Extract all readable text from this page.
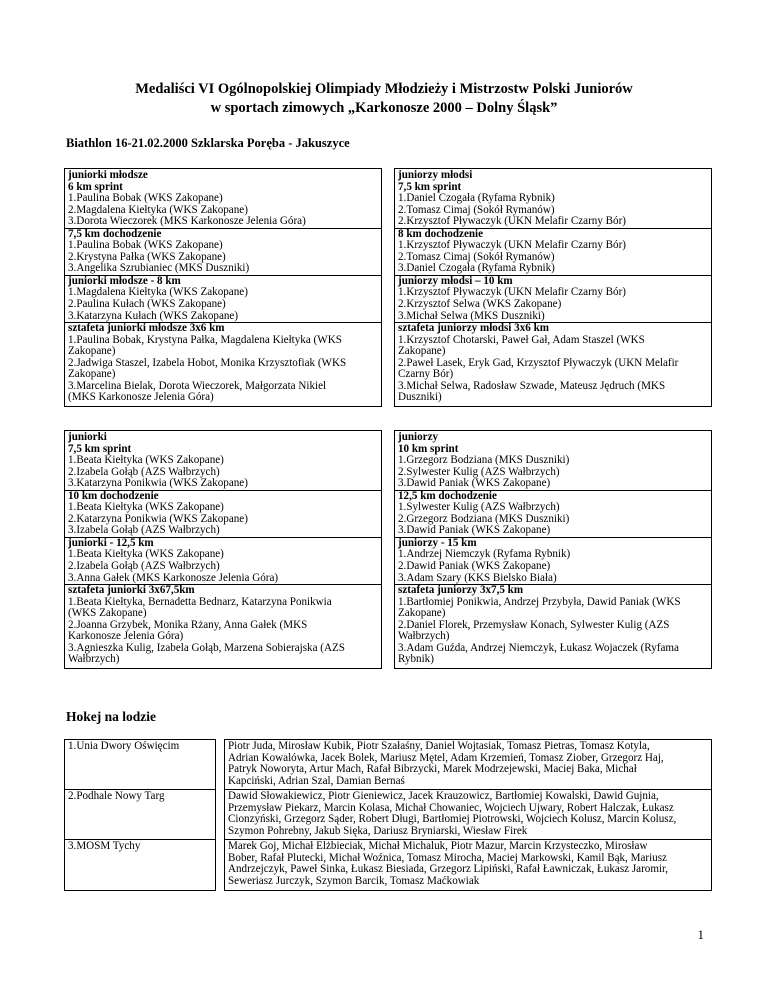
Medaliści VI Ogólnopolskiej Olimpiady Młodzieży i Mistrzostw Polski Juniorów
w sportach zimowych „Karkonosze 2000 – Dolny Śląsk”
Biathlon 16-21.02.2000 Szklarska Poręba - Jakuszyce
juniorki młodsze
6 km sprint
1.Paulina Bobak (WKS Zakopane)
2.Magdalena Kiełtyka (WKS Zakopane)
3.Dorota Wieczorek (MKS Karkonosze Jelenia Góra)
7,5 km dochodzenie
1.Paulina Bobak (WKS Zakopane)
2.Krystyna Pałka (WKS Zakopane)
3.Angelika Szrubianiec (MKS Duszniki)
juniorki młodsze - 8 km
1.Magdalena Kiełtyka (WKS Zakopane)
2.Paulina Kułach (WKS Zakopane)
3.Katarzyna Kułach (WKS Zakopane)
sztafeta juniorki młodsze 3x6 km
1.Paulina Bobak, Krystyna Pałka, Magdalena Kiełtyka (WKS
Zakopane)
2.Jadwiga Staszel, Izabela Hobot, Monika Krzysztofiak (WKS
Zakopane)
3.Marcelina Bielak, Dorota Wieczorek, Małgorzata Nikiel
(MKS Karkonosze Jelenia Góra)
juniorzy młodsi
7,5 km sprint
1.Daniel Czogała (Ryfama Rybnik)
2.Tomasz Cimaj (Sokół Rymanów)
2.Krzysztof Pływaczyk (UKN Melafir Czarny Bór)
8 km dochodzenie
1.Krzysztof Pływaczyk (UKN Melafir Czarny Bór)
2.Tomasz Cimaj (Sokół Rymanów)
3.Daniel Czogała (Ryfama Rybnik)
juniorzy młodsi – 10 km
1.Krzysztof Pływaczyk (UKN Melafir Czarny Bór)
2.Krzysztof Selwa (WKS Zakopane)
3.Michał Selwa (MKS Duszniki)
sztafeta juniorzy młodsi 3x6 km
1.Krzysztof Chotarski, Paweł Gał, Adam Staszel (WKS
Zakopane)
2.Paweł Lasek, Eryk Gad, Krzysztof Pływaczyk (UKN Melafir
Czarny Bór)
3.Michał Selwa, Radosław Szwade, Mateusz Jędruch (MKS
Duszniki)
juniorki
7,5 km sprint
1.Beata Kiełtyka (WKS Zakopane)
2.Izabela Gołąb (AZS Wałbrzych)
3.Katarzyna Ponikwia (WKS Zakopane)
10 km dochodzenie
1.Beata Kiełtyka (WKS Zakopane)
2.Katarzyna Ponikwia (WKS Zakopane)
3.Izabela Gołąb (AZS Wałbrzych)
juniorki - 12,5 km
1.Beata Kiełtyka (WKS Zakopane)
2.Izabela Gołąb (AZS Wałbrzych)
3.Anna Gałek (MKS Karkonosze Jelenia Góra)
sztafeta juniorki 3x67,5km
1.Beata Kiełtyka, Bernadetta Bednarz, Katarzyna Ponikwia
(WKS Zakopane)
2.Joanna Grzybek, Monika Rżany, Anna Gałek (MKS
Karkonosze Jelenia Góra)
3.Agnieszka Kulig, Izabela Gołąb, Marzena Sobierajska (AZS
Wałbrzych)
juniorzy
10 km sprint
1.Grzegorz Bodziana (MKS Duszniki)
2.Sylwester Kulig (AZS Wałbrzych)
3.Dawid Paniak (WKS Zakopane)
12,5 km dochodzenie
1.Sylwester Kulig (AZS Wałbrzych)
2.Grzegorz Bodziana (MKS Duszniki)
3.Dawid Paniak (WKS Zakopane)
juniorzy - 15 km
1.Andrzej Niemczyk (Ryfama Rybnik)
2.Dawid Paniak (WKS Zakopane)
3.Adam Szary (KKS Bielsko Biała)
sztafeta juniorzy 3x7,5 km
1.Bartłomiej Ponikwia, Andrzej Przybyła, Dawid Paniak (WKS
Zakopane)
2.Daniel Florek, Przemysław Konach, Sylwester Kulig (AZS
Wałbrzych)
3.Adam Guźda, Andrzej Niemczyk, Łukasz Wojaczek (Ryfama
Rybnik)
Hokej na lodzie
1.Unia Dwory Oświęcim		Piotr Juda, Mirosław Kubik, Piotr Szałaśny, Daniel Wojtasiak, Tomasz Pietras, Tomasz Kotyla,
Adrian Kowalówka, Jacek Bolek, Mariusz Mętel, Adam Krzemień, Tomasz Ziober, Grzegorz Haj,
Patryk Noworyta, Artur Mach, Rafał Bibrzycki, Marek Modrzejewski, Maciej Baka, Michał
Kapciński, Adrian Szal, Damian Bernaś

2.Podhale Nowy Targ		Dawid Słowakiewicz, Piotr Gieniewicz, Jacek Krauzowicz, Bartłomiej Kowalski, Dawid Gujnia,
Przemysław Piekarz, Marcin Kolasa, Michał Chowaniec, Wojciech Ujwary, Robert Halczak, Łukasz
Cionzyński, Grzegorz Sąder, Robert Długi, Bartłomiej Piotrowski, Wojciech Kolusz, Marcin Kolusz,
Szymon Pohrebny, Jakub Sięka, Dariusz Bryniarski, Wiesław Firek

3.MOSM Tychy		Marek Goj, Michał Elżbieciak, Michał Michaluk, Piotr Mazur, Marcin Krzysteczko, Mirosław
Bober, Rafał Plutecki, Michał Woźnica, Tomasz Mirocha, Maciej Markowski, Kamil Bąk, Mariusz
Andrzejczyk, Paweł Sinka, Łukasz Biesiada, Grzegorz Lipiński, Rafał Ławniczak, Łukasz Jaromir,
Seweriasz Jurczyk, Szymon Barcik, Tomasz Maćkowiak
1
